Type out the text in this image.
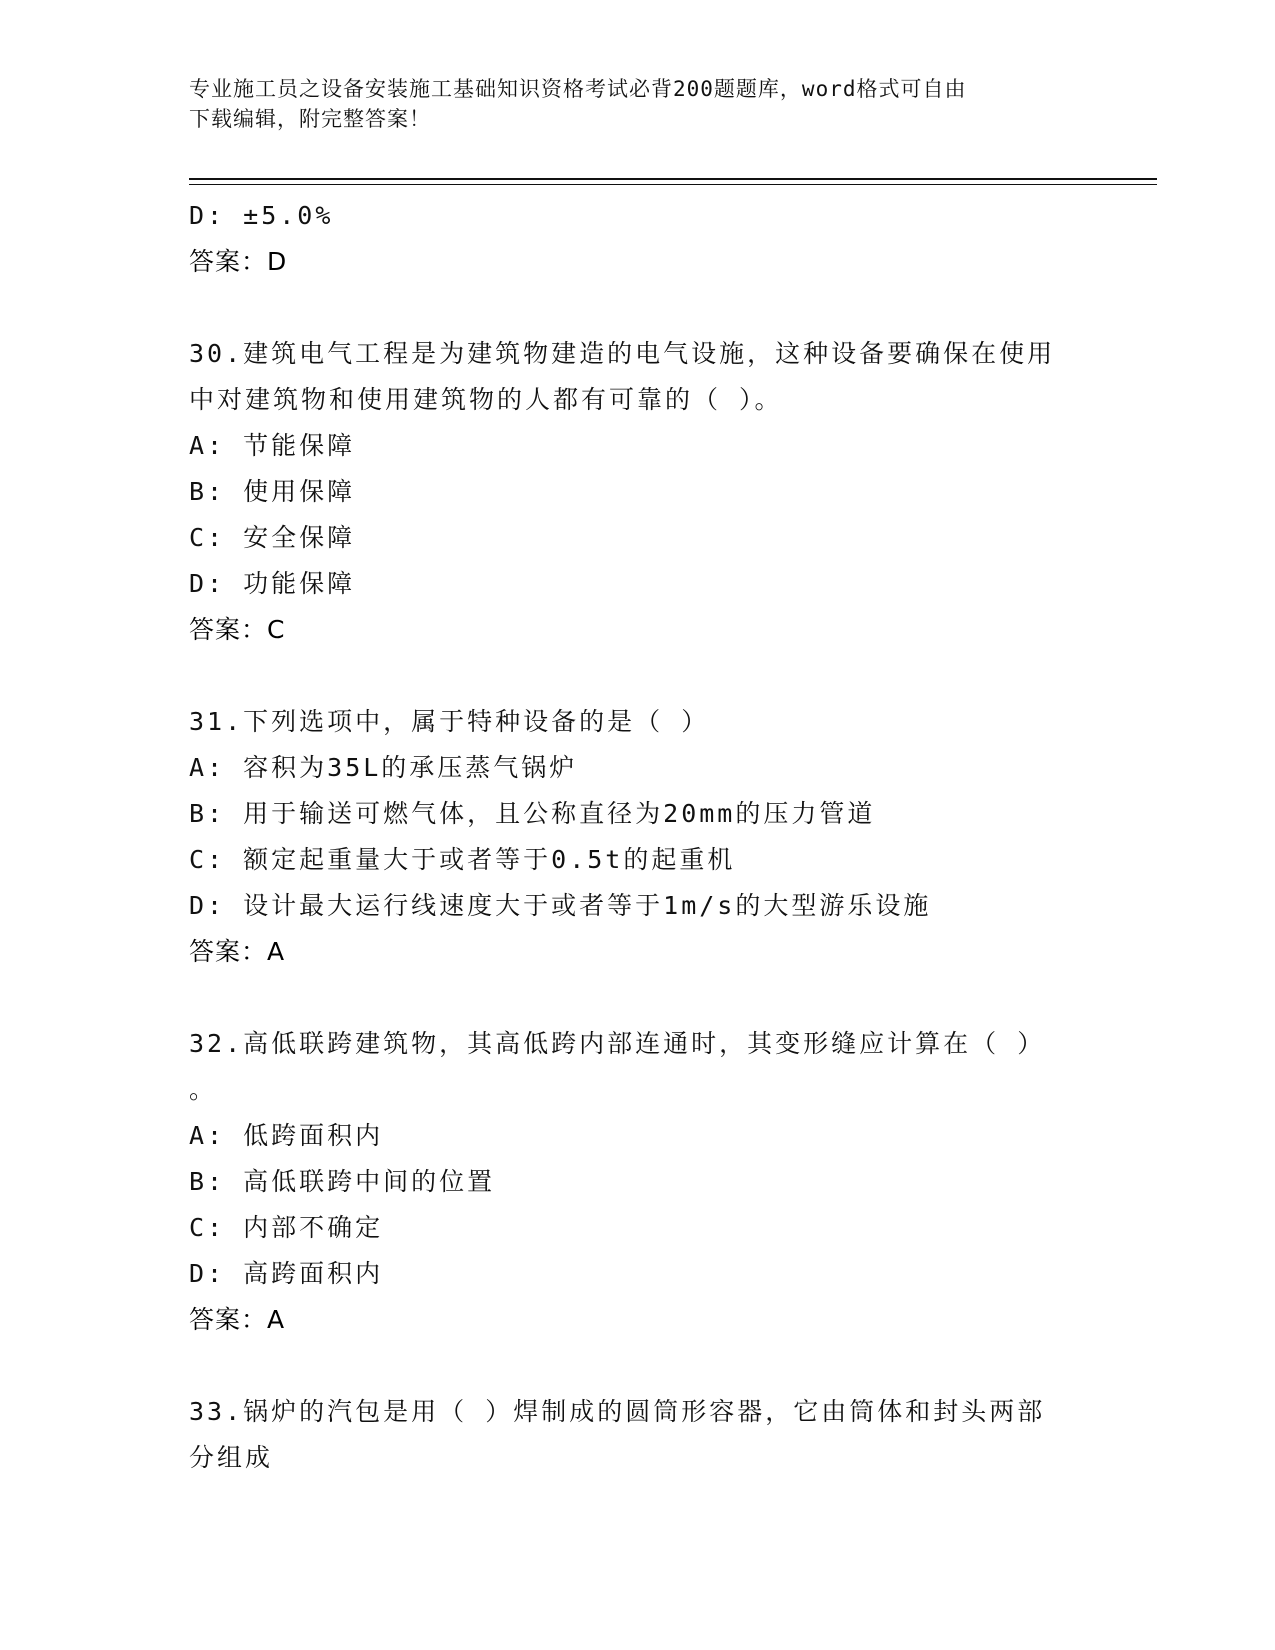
专业施工员之设备安装施工基础知识资格考试必背200题题库，word格式可自由
下载编辑，附完整答案！
D: ±5.0%
答案：D
30.建筑电气工程是为建筑物建造的电气设施，这种设备要确保在使用
中对建筑物和使用建筑物的人都有可靠的（ ）。
A: 节能保障
B: 使用保障
C: 安全保障
D: 功能保障
答案：C
31.下列选项中，属于特种设备的是（ ）
A: 容积为35L的承压蒸气锅炉
B: 用于输送可燃气体，且公称直径为20mm的压力管道
C: 额定起重量大于或者等于0.5t的起重机
D: 设计最大运行线速度大于或者等于1m/s的大型游乐设施
答案：A
32.高低联跨建筑物，其高低跨内部连通时，其变形缝应计算在（ ）
。
A: 低跨面积内
B: 高低联跨中间的位置
C: 内部不确定
D: 高跨面积内
答案：A
33.锅炉的汽包是用（ ）焊制成的圆筒形容器，它由筒体和封头两部
分组成
